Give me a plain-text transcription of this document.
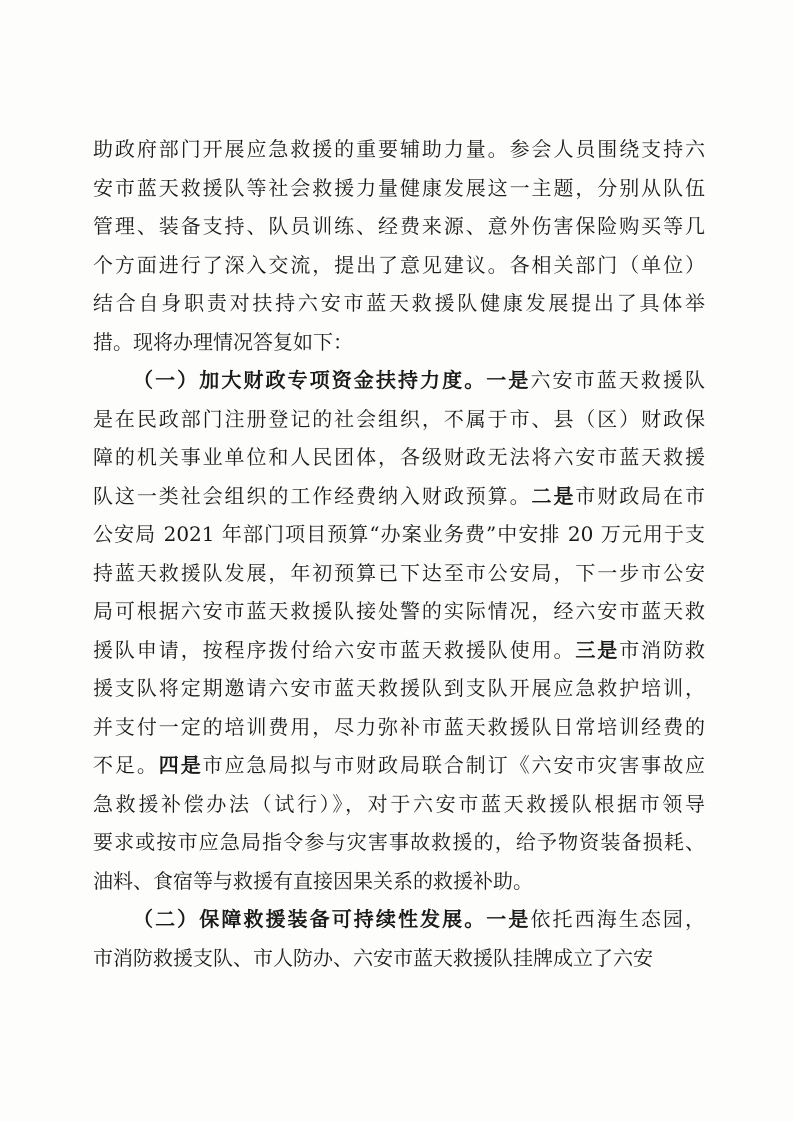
助政府部门开展应急救援的重要辅助力量。参会人员围绕支持六
安市蓝天救援队等社会救援力量健康发展这一主题，分别从队伍
管理、装备支持、队员训练、经费来源、意外伤害保险购买等几
个方面进行了深入交流，提出了意见建议。各相关部门（单位）
结合自身职责对扶持六安市蓝天救援队健康发展提出了具体举
措。现将办理情况答复如下：
（一）加大财政专项资金扶持力度。一是六安市蓝天救援队
是在民政部门注册登记的社会组织，不属于市、县（区）财政保
障的机关事业单位和人民团体，各级财政无法将六安市蓝天救援
队这一类社会组织的工作经费纳入财政预算。二是市财政局在市
公安局 2021 年部门项目预算“办案业务费”中安排 20 万元用于支
持蓝天救援队发展，年初预算已下达至市公安局，下一步市公安
局可根据六安市蓝天救援队接处警的实际情况，经六安市蓝天救
援队申请，按程序拨付给六安市蓝天救援队使用。三是市消防救
援支队将定期邀请六安市蓝天救援队到支队开展应急救护培训，
并支付一定的培训费用，尽力弥补市蓝天救援队日常培训经费的
不足。四是市应急局拟与市财政局联合制订《六安市灾害事故应
急救援补偿办法（试行）》，对于六安市蓝天救援队根据市领导
要求或按市应急局指令参与灾害事故救援的，给予物资装备损耗、
油料、食宿等与救援有直接因果关系的救援补助。
（二）保障救援装备可持续性发展。一是依托西海生态园，
市消防救援支队、市人防办、六安市蓝天救援队挂牌成立了六安
